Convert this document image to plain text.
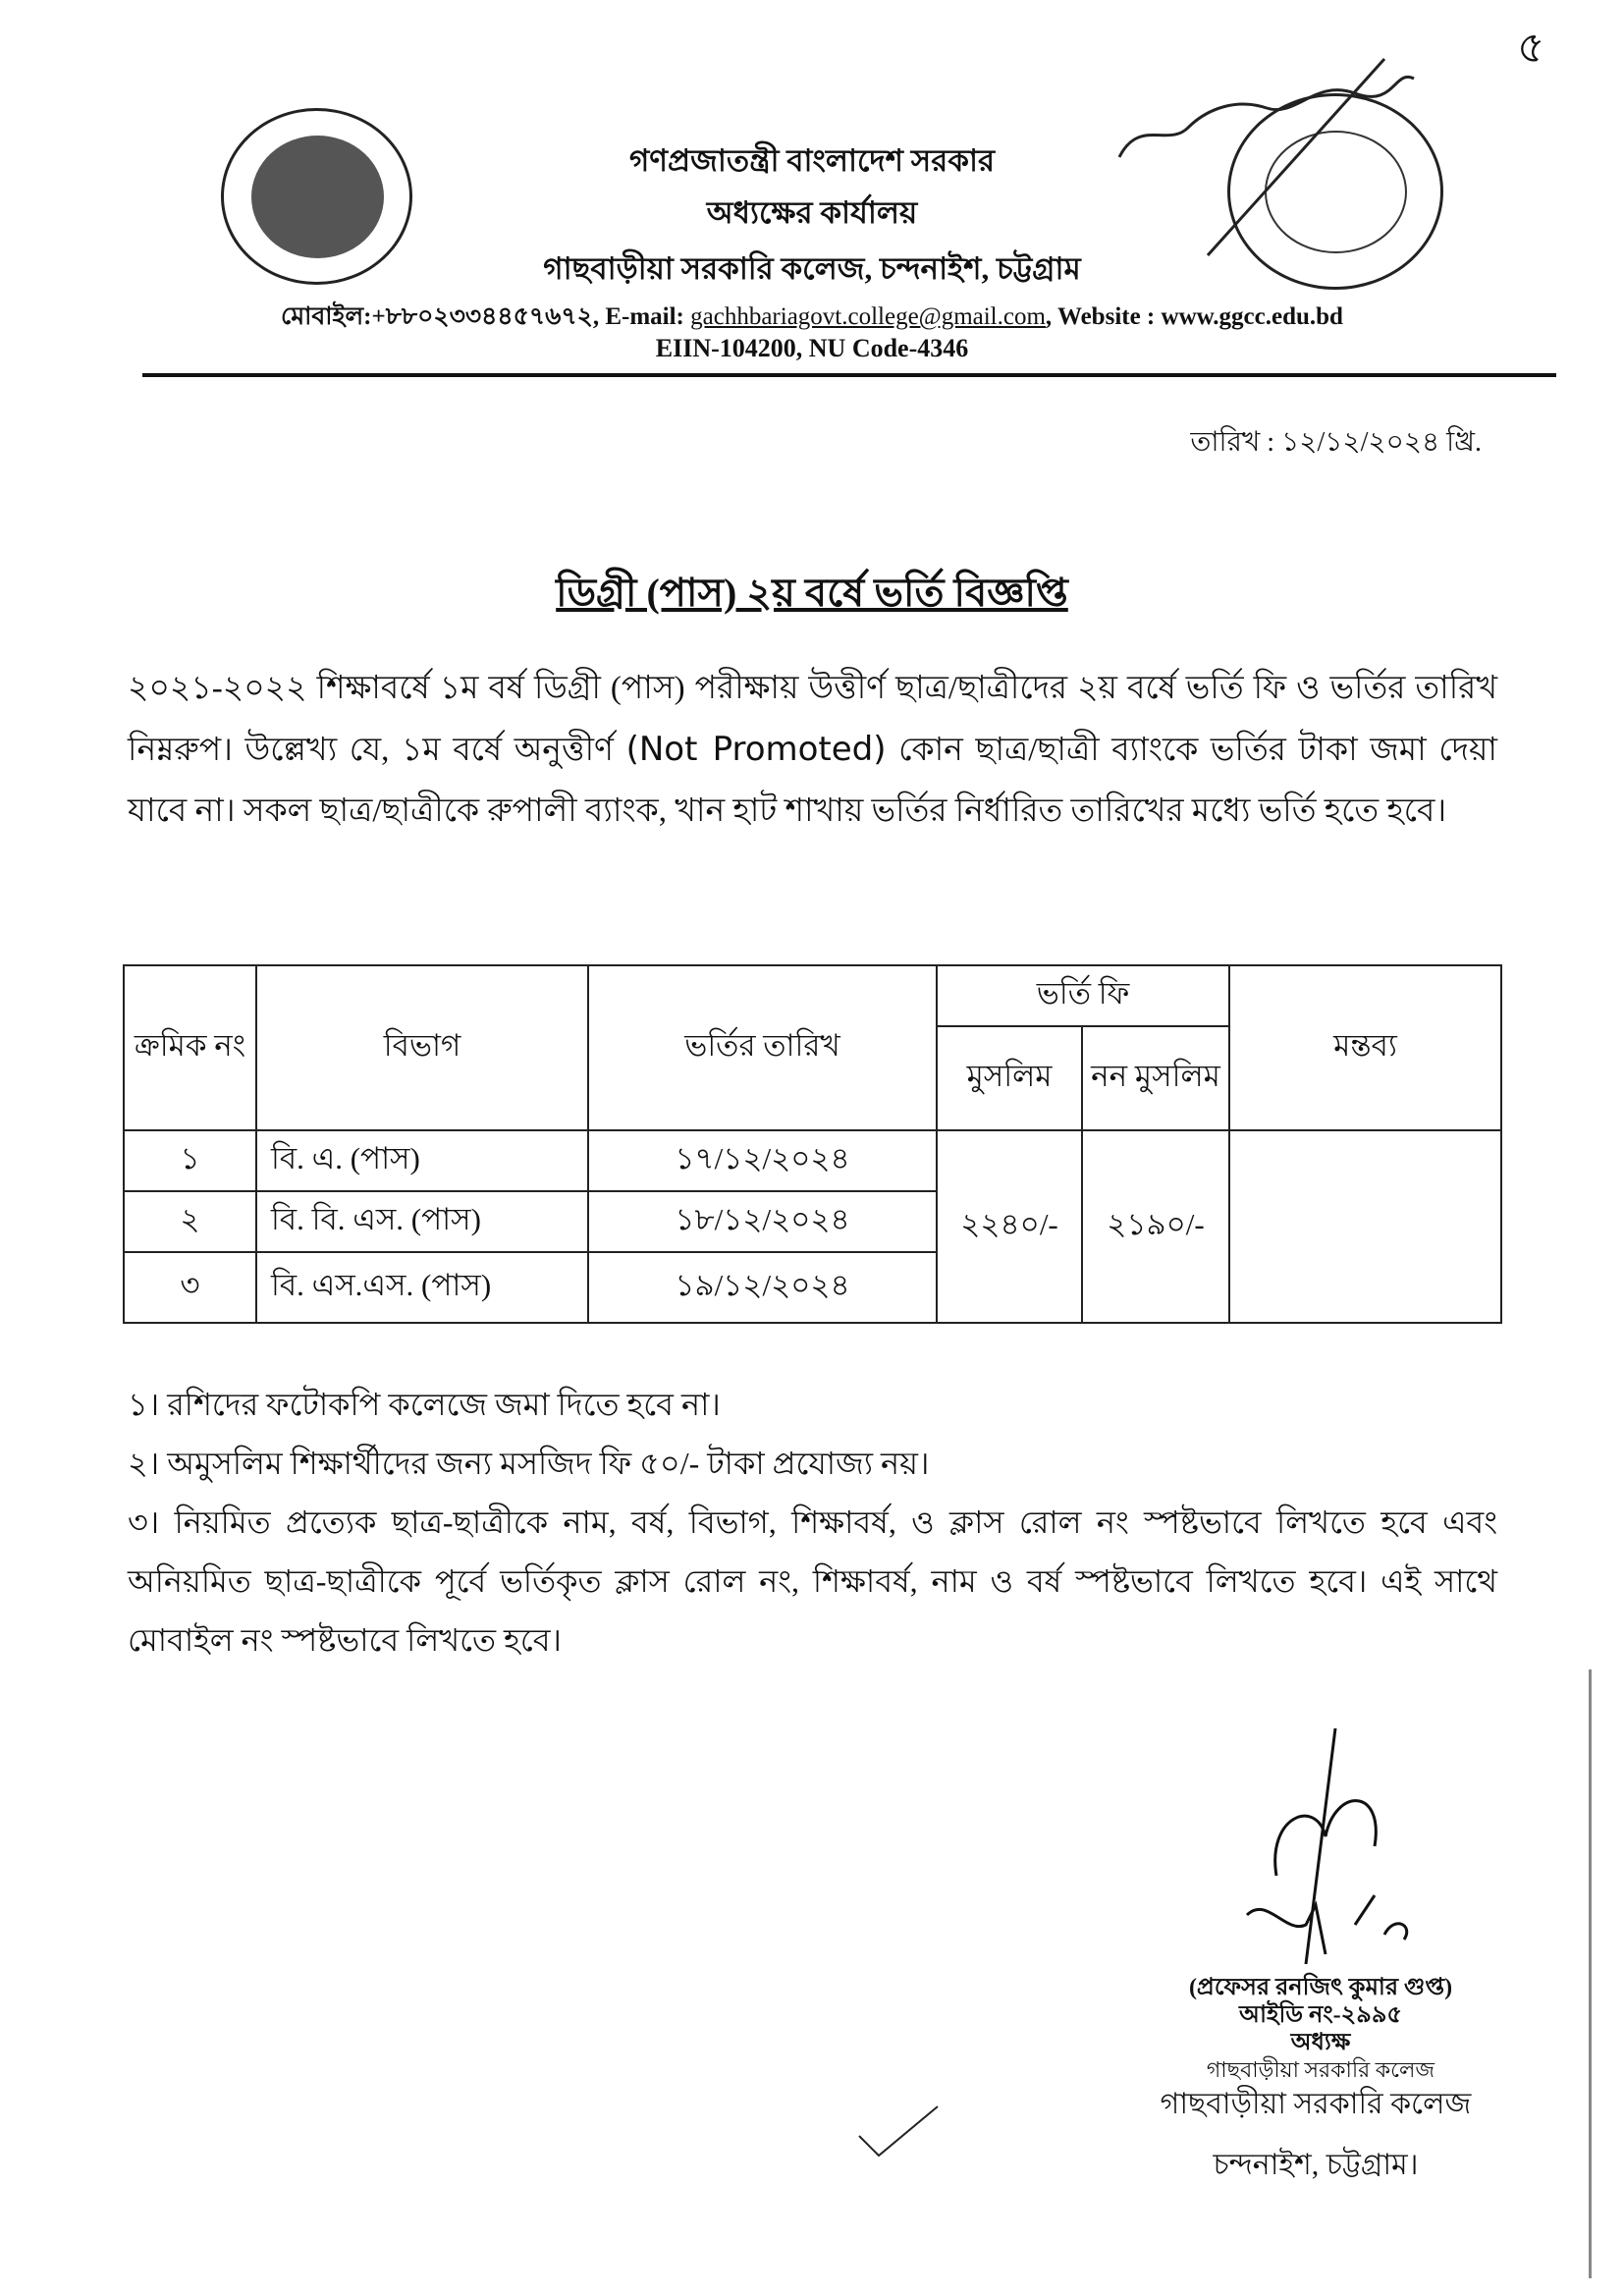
৫
গণপ্রজাতন্ত্রী বাংলাদেশ সরকার
অধ্যক্ষের কার্যালয়
গাছবাড়ীয়া সরকারি কলেজ, চন্দনাইশ, চট্টগ্রাম
মোবাইল:+৮৮০২৩৩৪৪৫৭৬৭২, E-mail: gachhbariagovt.college@gmail.com, Website : www.ggcc.edu.bd
EIIN-104200, NU Code-4346
তারিখ : ১২/১২/২০২৪ খ্রি.
ডিগ্রী (পাস) ২য় বর্ষে ভর্তি বিজ্ঞপ্তি
২০২১-২০২২ শিক্ষাবর্ষে ১ম বর্ষ ডিগ্রী (পাস) পরীক্ষায় উত্তীর্ণ ছাত্র/ছাত্রীদের ২য় বর্ষে ভর্তি ফি ও ভর্তির তারিখ নিম্নরুপ। উল্লেখ্য যে, ১ম বর্ষে অনুত্তীর্ণ (Not Promoted) কোন ছাত্র/ছাত্রী ব্যাংকে ভর্তির টাকা জমা দেয়া যাবে না। সকল ছাত্র/ছাত্রীকে রুপালী ব্যাংক, খান হাট শাখায় ভর্তির নির্ধারিত তারিখের মধ্যে ভর্তি হতে হবে।
ক্রমিক নং	বিভাগ	ভর্তির তারিখ	ভর্তি ফি		মন্তব্য
			মুসলিম	নন মুসলিম	
১	বি. এ. (পাস)	১৭/১২/২০২৪	২২৪০/-	২১৯০/-	
২	বি. বি. এস. (পাস)	১৮/১২/২০২৪			
৩	বি. এস.এস. (পাস)	১৯/১২/২০২৪			
১। রশিদের ফটোকপি কলেজে জমা দিতে হবে না।
২। অমুসলিম শিক্ষার্থীদের জন্য মসজিদ ফি ৫০/- টাকা প্রযোজ্য নয়।
৩। নিয়মিত প্রত্যেক ছাত্র-ছাত্রীকে নাম, বর্ষ, বিভাগ, শিক্ষাবর্ষ, ও ক্লাস রোল নং স্পষ্টভাবে লিখতে হবে এবং অনিয়মিত ছাত্র-ছাত্রীকে পূর্বে ভর্তিকৃত ক্লাস রোল নং, শিক্ষাবর্ষ, নাম ও বর্ষ স্পষ্টভাবে লিখতে হবে। এই সাথে মোবাইল নং স্পষ্টভাবে লিখতে হবে।
(প্রফেসর রনজিৎ কুমার গুপ্ত)
আইডি নং-২৯৯৫
অধ্যক্ষ
গাছবাড়ীয়া সরকারি কলেজ
গাছবাড়ীয়া সরকারি কলেজ
চন্দনাইশ, চট্টগ্রাম।
